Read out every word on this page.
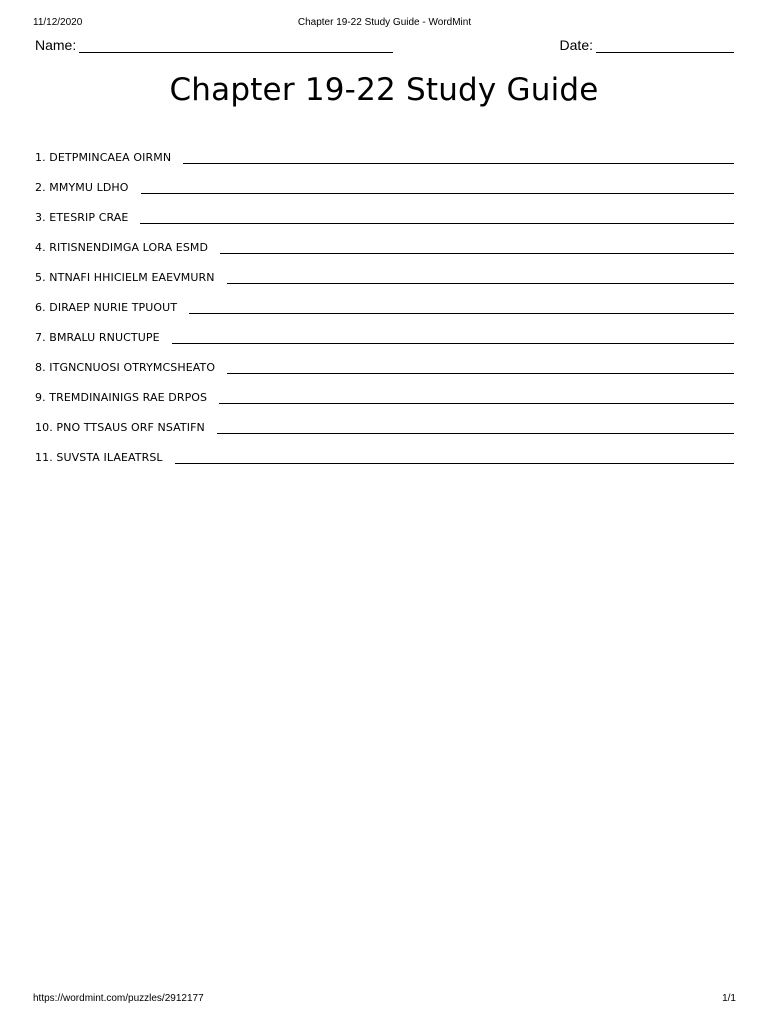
11/12/2020	Chapter 19-22 Study Guide - WordMint
Name:	Date:
Chapter 19-22 Study Guide
1. DETPMINCAEA OIRMN
2. MMYMU LDHO
3. ETESRIP CRAE
4. RITISNENDIMGA LORA ESMD
5. NTNAFI HHICIELM EAEVMURN
6. DIRAEP NURIE TPUOUT
7. BMRALU RNUCTUPE
8. ITGNCNUOSI OTRYMCSHEATO
9. TREMDINAINIGS RAE DRPOS
10. PNO TTSAUS ORF NSATIFN
11. SUVSTA ILAEATRSL
https://wordmint.com/puzzles/2912177	1/1
